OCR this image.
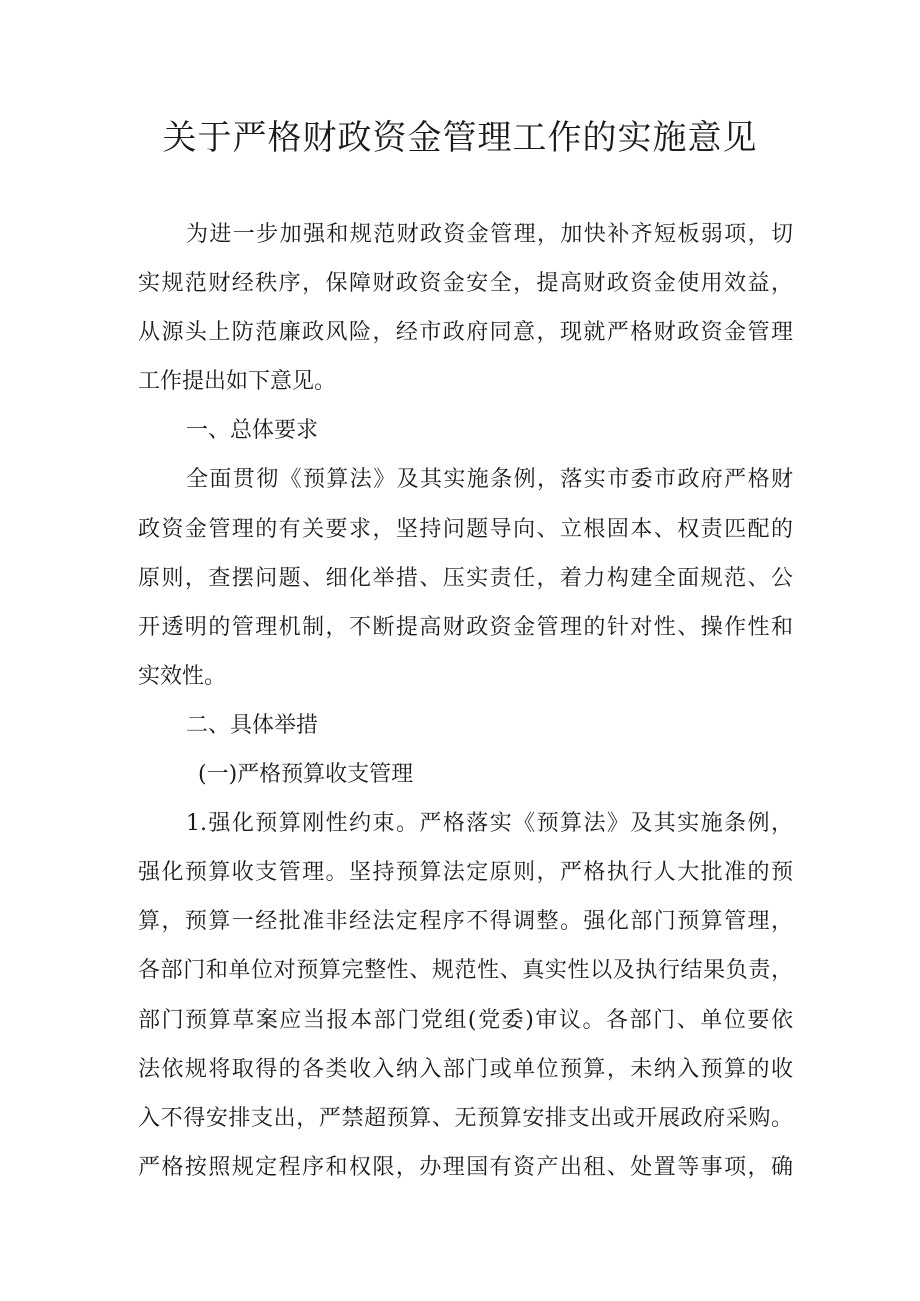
关于严格财政资金管理工作的实施意见
为进一步加强和规范财政资金管理，加快补齐短板弱项，切
实规范财经秩序，保障财政资金安全，提高财政资金使用效益，
从源头上防范廉政风险，经市政府同意，现就严格财政资金管理
工作提出如下意见。
一、总体要求
全面贯彻《预算法》及其实施条例，落实市委市政府严格财
政资金管理的有关要求，坚持问题导向、立根固本、权责匹配的
原则，查摆问题、细化举措、压实责任，着力构建全面规范、公
开透明的管理机制，不断提高财政资金管理的针对性、操作性和
实效性。
二、具体举措
(一)严格预算收支管理
1.强化预算刚性约束。严格落实《预算法》及其实施条例，
强化预算收支管理。坚持预算法定原则，严格执行人大批准的预
算，预算一经批准非经法定程序不得调整。强化部门预算管理，
各部门和单位对预算完整性、规范性、真实性以及执行结果负责，
部门预算草案应当报本部门党组(党委)审议。各部门、单位要依
法依规将取得的各类收入纳入部门或单位预算，未纳入预算的收
入不得安排支出，严禁超预算、无预算安排支出或开展政府采购。
严格按照规定程序和权限，办理国有资产出租、处置等事项，确
